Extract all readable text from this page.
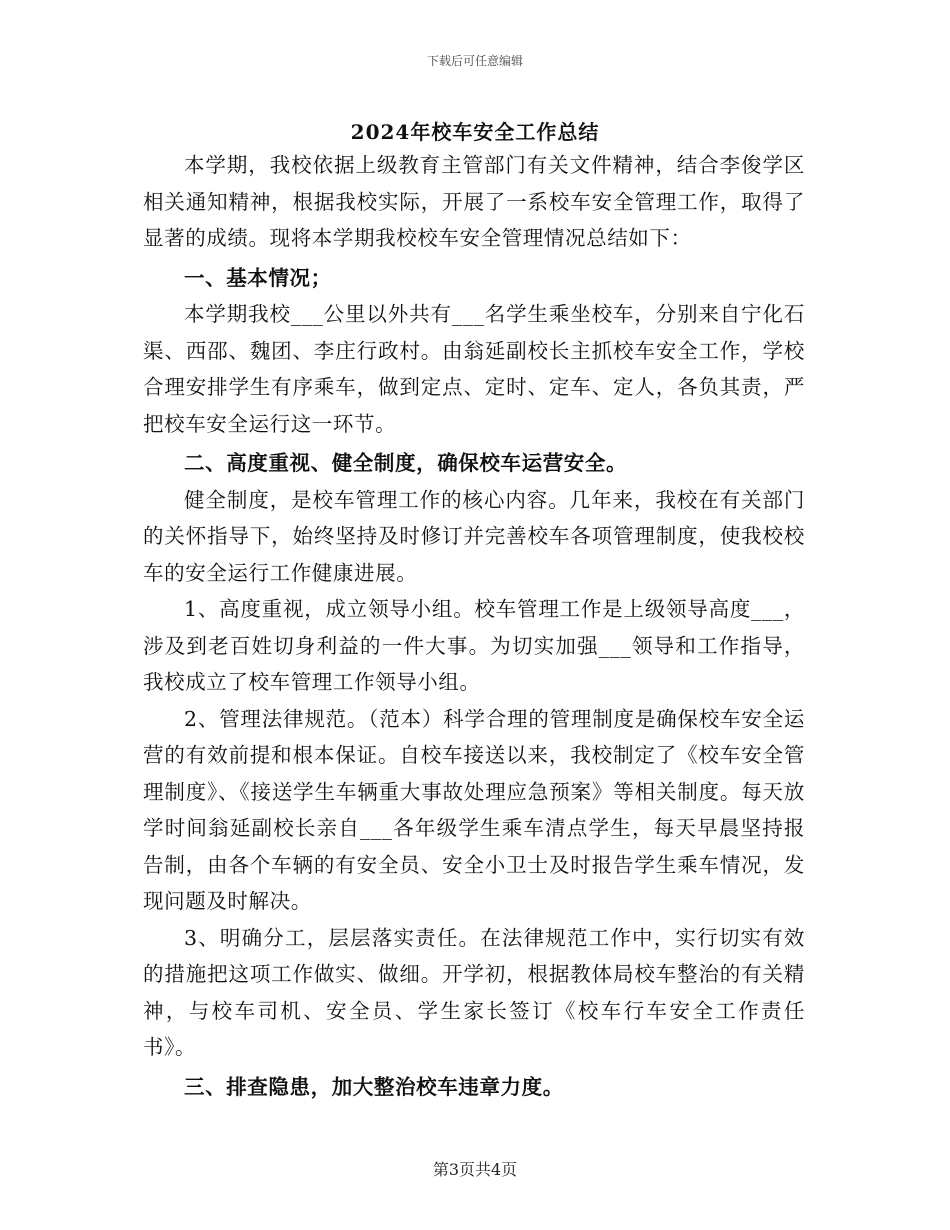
下载后可任意编辑
2024年校车安全工作总结

本学期，我校依据上级教育主管部门有关文件精神，结合李俊学区相关通知精神，根据我校实际，开展了一系校车安全管理工作，取得了显著的成绩。现将本学期我校校车安全管理情况总结如下：

一、基本情况；

本学期我校___公里以外共有___名学生乘坐校车，分别来自宁化石渠、西邵、魏团、李庄行政村。由翁延副校长主抓校车安全工作，学校合理安排学生有序乘车，做到定点、定时、定车、定人，各负其责，严把校车安全运行这一环节。

二、高度重视、健全制度，确保校车运营安全。

健全制度，是校车管理工作的核心内容。几年来，我校在有关部门的关怀指导下，始终坚持及时修订并完善校车各项管理制度，使我校校车的安全运行工作健康进展。

1、高度重视，成立领导小组。校车管理工作是上级领导高度___，涉及到老百姓切身利益的一件大事。为切实加强___领导和工作指导，我校成立了校车管理工作领导小组。

2、管理法律规范。（范本）科学合理的管理制度是确保校车安全运营的有效前提和根本保证。自校车接送以来，我校制定了《校车安全管理制度》、《接送学生车辆重大事故处理应急预案》等相关制度。每天放学时间翁延副校长亲自___各年级学生乘车清点学生，每天早晨坚持报告制，由各个车辆的有安全员、安全小卫士及时报告学生乘车情况，发现问题及时解决。

3、明确分工，层层落实责任。在法律规范工作中，实行切实有效的措施把这项工作做实、做细。开学初，根据教体局校车整治的有关精神，与校车司机、安全员、学生家长签订《校车行车安全工作责任书》。

三、排查隐患，加大整治校车违章力度。

第3页共4页
